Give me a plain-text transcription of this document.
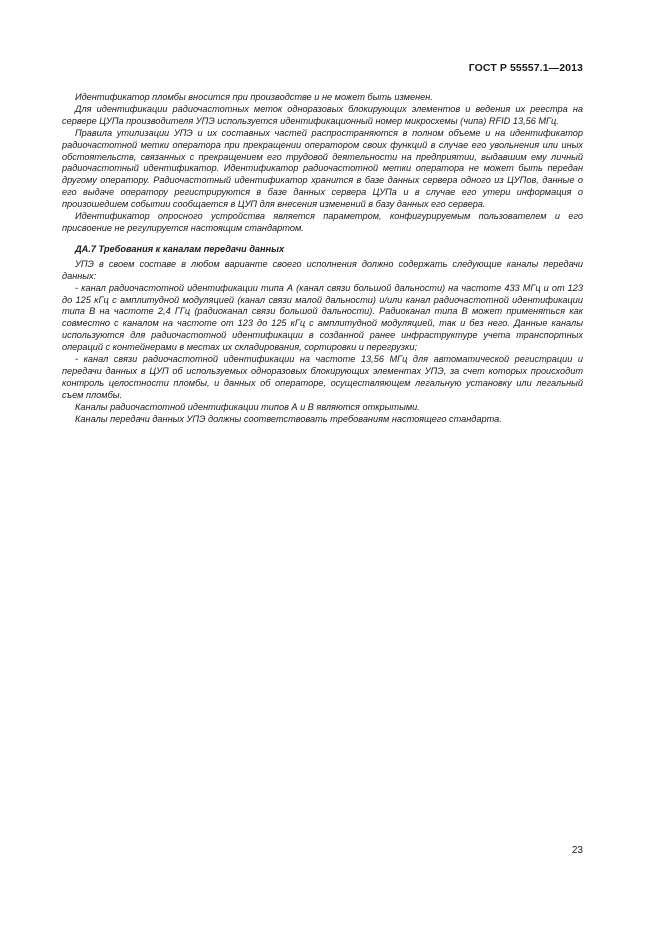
ГОСТ Р 55557.1—2013

Идентификатор пломбы вносится при производстве и не может быть изменен.

Для идентификации радиочастотных меток одноразовых блокирующих элементов и ведения их реестра на сервере ЦУПа производителя УПЭ используется идентификационный номер микросхемы (чипа) RFID 13,56 МГц.

Правила утилизации УПЭ и их составных частей распространяются в полном объеме и на идентификатор радиочастотной метки оператора при прекращении оператором своих функций в случае его увольнения или иных обстоятельств, связанных с прекращением его трудовой деятельности на предприятии, выдавшим ему личный радиочастотный идентификатор. Идентификатор радиочастотной метки оператора не может быть передан другому оператору. Радиочастотный идентификатор хранится в базе данных сервера одного из ЦУПов, данные о его выдаче оператору регистрируются в базе данных сервера ЦУПа и в случае его утери информация о произошедшем событии сообщается в ЦУП для внесения изменений в базу данных его сервера.

Идентификатор опросного устройства является параметром, конфигурируемым пользователем и его присвоение не регулируется настоящим стандартом.

ДА.7 Требования к каналам передачи данных

УПЭ в своем составе в любом варианте своего исполнения должно содержать следующие каналы передачи данных:

- канал радиочастотной идентификации типа А (канал связи большой дальности) на частоте 433 МГц и от 123 до 125 кГц с амплитудной модуляцией (канал связи малой дальности) и/или канал радиочастотной идентификации типа В на частоте 2,4 ГГц (радиоканал связи большой дальности). Радиоканал типа В может применяться как совместно с каналом на частоте от 123 до 125 кГц с амплитудной модуляцией, так и без него. Данные каналы используются для радиочастотной идентификации в созданной ранее инфраструктуре учета транспортных операций с контейнерами в местах их складирования, сортировки и перегрузки;

- канал связи радиочастотной идентификации на частоте 13,56 МГц для автоматической регистрации и передачи данных в ЦУП об используемых одноразовых блокирующих элементах УПЭ, за счет которых происходит контроль целостности пломбы, и данных об операторе, осуществляющем легальную установку или легальный съем пломбы.

Каналы радиочастотной идентификации типов А и В являются открытыми.

Каналы передачи данных УПЭ должны соответствовать требованиям настоящего стандарта.

23
